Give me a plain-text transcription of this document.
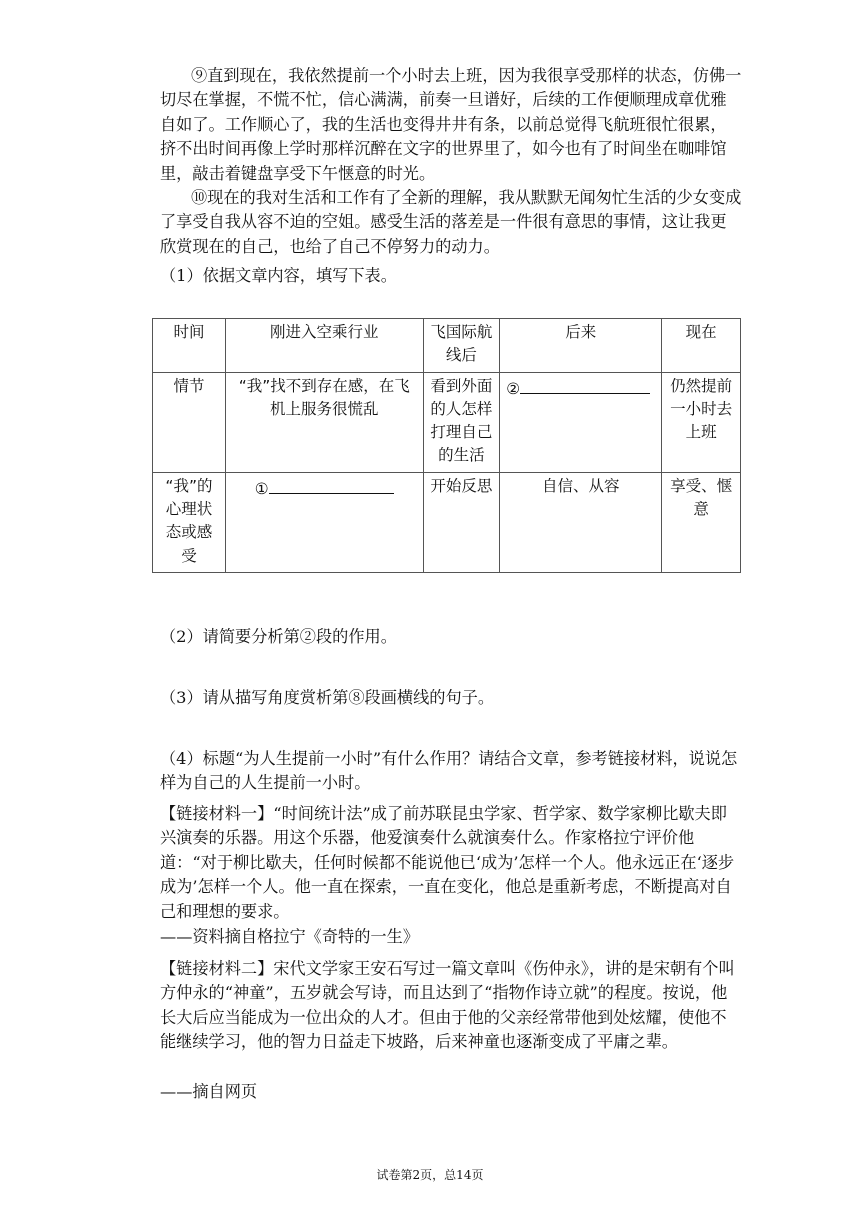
⑨直到现在，我依然提前一个小时去上班，因为我很享受那样的状态，仿佛一切尽在掌握，不慌不忙，信心满满，前奏一旦谱好，后续的工作便顺理成章优雅自如了。工作顺心了，我的生活也变得井井有条，以前总觉得飞航班很忙很累，挤不出时间再像上学时那样沉醉在文字的世界里了，如今也有了时间坐在咖啡馆里，敲击着键盘享受下午惬意的时光。

⑩现在的我对生活和工作有了全新的理解，我从默默无闻匆忙生活的少女变成了享受自我从容不迫的空姐。感受生活的落差是一件很有意思的事情，这让我更欣赏现在的自己，也给了自己不停努力的动力。

（1）依据文章内容，填写下表。

时间	刚进入空乘行业	飞国际航线后	后来	现在
情节	“我”找不到存在感，在飞机上服务很慌乱	看到外面的人怎样打理自己的生活	②	仍然提前一小时去上班
“我”的心理状态或感受	①	开始反思	自信、从容	享受、惬意

（2）请简要分析第②段的作用。

（3）请从描写角度赏析第⑧段画横线的句子。

（4）标题“为人生提前一小时”有什么作用？请结合文章，参考链接材料，说说怎样为自己的人生提前一小时。

【链接材料一】“时间统计法”成了前苏联昆虫学家、哲学家、数学家柳比歇夫即兴演奏的乐器。用这个乐器，他爱演奏什么就演奏什么。作家格拉宁评价他道：“对于柳比歇夫，任何时候都不能说他已‘成为’怎样一个人。他永远正在‘逐步成为’怎样一个人。他一直在探索，一直在变化，他总是重新考虑，不断提高对自己和理想的要求。

——资料摘自格拉宁《奇特的一生》

【链接材料二】宋代文学家王安石写过一篇文章叫《伤仲永》，讲的是宋朝有个叫方仲永的“神童”，五岁就会写诗，而且达到了“指物作诗立就”的程度。按说，他长大后应当能成为一位出众的人才。但由于他的父亲经常带他到处炫耀，使他不能继续学习，他的智力日益走下坡路，后来神童也逐渐变成了平庸之辈。

——摘自网页

试卷第2页，总14页
